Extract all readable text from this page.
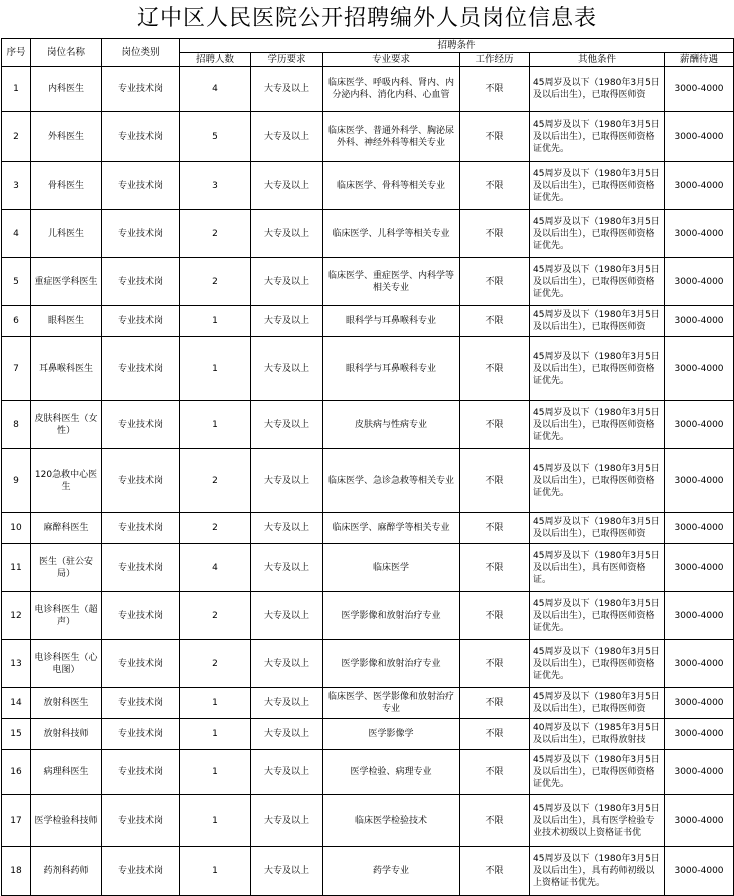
辽中区人民医院公开招聘编外人员岗位信息表
序号	岗位名称	岗位类别	招聘条件					
			招聘人数	学历要求	专业要求	工作经历	其他条件	薪酬待遇
1	内科医生	专业技术岗	4	大专及以上	临床医学、呼吸内科、肾内、内分泌内科、消化内科、心血管	不限	45周岁及以下（1980年3月5日及以后出生），已取得医师资	3000-4000
2	外科医生	专业技术岗	5	大专及以上	临床医学、普通外科学、胸泌尿外科、神经外科等相关专业	不限	45周岁及以下（1980年3月5日及以后出生），已取得医师资格证优先。	3000-4000
3	骨科医生	专业技术岗	3	大专及以上	临床医学、骨科等相关专业	不限	45周岁及以下（1980年3月5日及以后出生），已取得医师资格证优先。	3000-4000
4	儿科医生	专业技术岗	2	大专及以上	临床医学、儿科学等相关专业	不限	45周岁及以下（1980年3月5日及以后出生），已取得医师资格证优先。	3000-4000
5	重症医学科医生	专业技术岗	2	大专及以上	临床医学、重症医学、内科学等相关专业	不限	45周岁及以下（1980年3月5日及以后出生），已取得医师资格证优先。	3000-4000
6	眼科医生	专业技术岗	1	大专及以上	眼科学与耳鼻喉科专业	不限	45周岁及以下（1980年3月5日及以后出生），已取得医师资	3000-4000
7	耳鼻喉科医生	专业技术岗	1	大专及以上	眼科学与耳鼻喉科专业	不限	45周岁及以下（1980年3月5日及以后出生），已取得医师资格证优先。	3000-4000
8	皮肤科医生（女性）	专业技术岗	1	大专及以上	皮肤病与性病专业	不限	45周岁及以下（1980年3月5日及以后出生），已取得医师资格证优先。	3000-4000
9	120急救中心医生	专业技术岗	2	大专及以上	临床医学、急诊急救等相关专业	不限	45周岁及以下（1980年3月5日及以后出生），已取得医师资格证优先。	3000-4000
10	麻醉科医生	专业技术岗	2	大专及以上	临床医学、麻醉学等相关专业	不限	45周岁及以下（1980年3月5日及以后出生），已取得医师资	3000-4000
11	医生（驻公安局）	专业技术岗	4	大专及以上	临床医学	不限	45周岁及以下（1980年3月5日及以后出生），具有医师资格证。	3000-4000
12	电诊科医生（超声）	专业技术岗	2	大专及以上	医学影像和放射治疗专业	不限	45周岁及以下（1980年3月5日及以后出生），已取得医师资格证优先。	3000-4000
13	电诊科医生（心电图）	专业技术岗	2	大专及以上	医学影像和放射治疗专业	不限	45周岁及以下（1980年3月5日及以后出生），已取得医师资格证优先。	3000-4000
14	放射科医生	专业技术岗	1	大专及以上	临床医学、医学影像和放射治疗专业	不限	45周岁及以下（1980年3月5日及以后出生），已取得医师资	3000-4000
15	放射科技师	专业技术岗	1	大专及以上	医学影像学	不限	40周岁及以下（1985年3月5日及以后出生），已取得放射技	3000-4000
16	病理科医生	专业技术岗	1	大专及以上	医学检验、病理专业	不限	45周岁及以下（1980年3月5日及以后出生），已取得医师资格证优先。	3000-4000
17	医学检验科技师	专业技术岗	1	大专及以上	临床医学检验技术	不限	45周岁及以下（1980年3月5日及以后出生），具有医学检验专业技术初级以上资格证书优	3000-4000
18	药剂科药师	专业技术岗	1	大专及以上	药学专业	不限	45周岁及以下（1980年3月5日及以后出生），具有药师初级以上资格证书优先。	3000-4000
